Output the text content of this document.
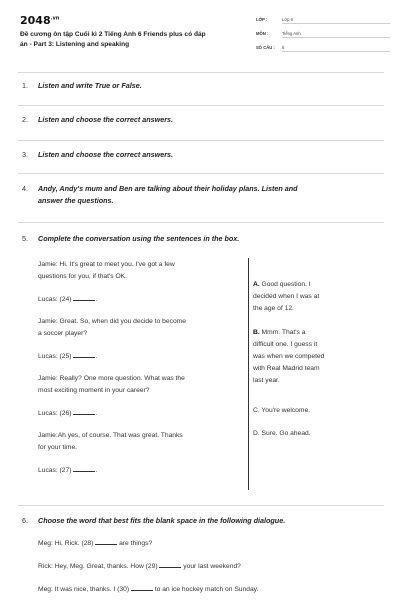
$2048^{.vn}$
Đề cương ôn tập Cuối kì 2 Tiếng Anh 6 Friends plus có đáp
án - Part 3: Listening and speaking
LỚP :	Lớp 6
MÔN :	Tiếng Anh
SỐ CÂU : 6
1. Listen and write True or False.
2. Listen and choose the correct answers.
3. Listen and choose the correct answers.
4. Andy, Andy's mum and Ben are talking about their holiday plans. Listen and
answer the questions.
5. Complete the conversation using the sentences in the box.
Jamie: Hi. It's great to meet you. I've got a few
questions for you, if that's OK.
Lucas: (24)	.
Jamie: Great. So, when did you decide to become
a soccer player?
Lucas: (25)	.
Jamie: Really? One more question. What was the
most exciting moment in your career?
Lucas: (26)	.
Jamie:Ah yes, of course. That was great. Thanks
for your time.
Lucas: (27)	.
A. Good question. I
decided when I was at
the age of 12.
B. Mmm. That's a
difficult one. I guess it
was when we competed
with Real Madrid team
last year.
C. You're welcome.
D. Sure. Go ahead.
6. Choose the word that best fits the blank space in the following dialogue.
Meg: Hi, Rick. (28)	are things?
Rick: Hey, Meg. Great, thanks. How (29)	your last weekend?
Meg: It was nice, thanks. I (30)	to an ice hockey match on Sunday.
